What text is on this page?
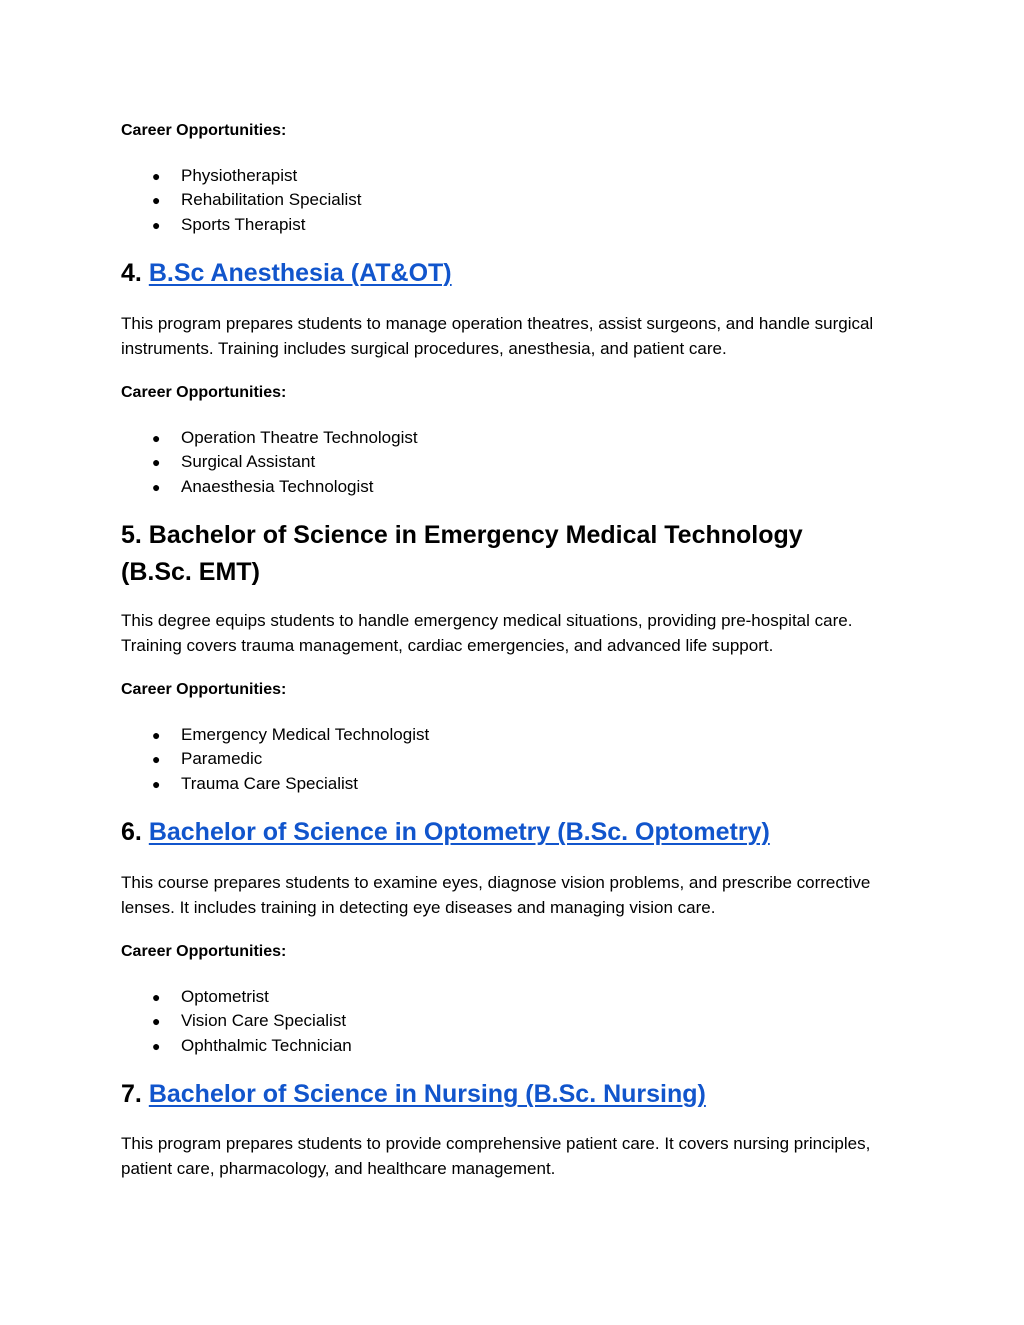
Career Opportunities:

● Physiotherapist
● Rehabilitation Specialist
● Sports Therapist
4. B.Sc Anesthesia (AT&OT)

This program prepares students to manage operation theatres, assist surgeons, and handle surgical instruments. Training includes surgical procedures, anesthesia, and patient care.

Career Opportunities:

● Operation Theatre Technologist
● Surgical Assistant
● Anaesthesia Technologist
5. Bachelor of Science in Emergency Medical Technology
(B.Sc. EMT)

This degree equips students to handle emergency medical situations, providing pre-hospital care. Training covers trauma management, cardiac emergencies, and advanced life support.

Career Opportunities:

● Emergency Medical Technologist
● Paramedic
● Trauma Care Specialist
6. Bachelor of Science in Optometry (B.Sc. Optometry)

This course prepares students to examine eyes, diagnose vision problems, and prescribe corrective lenses. It includes training in detecting eye diseases and managing vision care.

Career Opportunities:

● Optometrist
● Vision Care Specialist
● Ophthalmic Technician
7. Bachelor of Science in Nursing (B.Sc. Nursing)

This program prepares students to provide comprehensive patient care. It covers nursing principles, patient care, pharmacology, and healthcare management.
